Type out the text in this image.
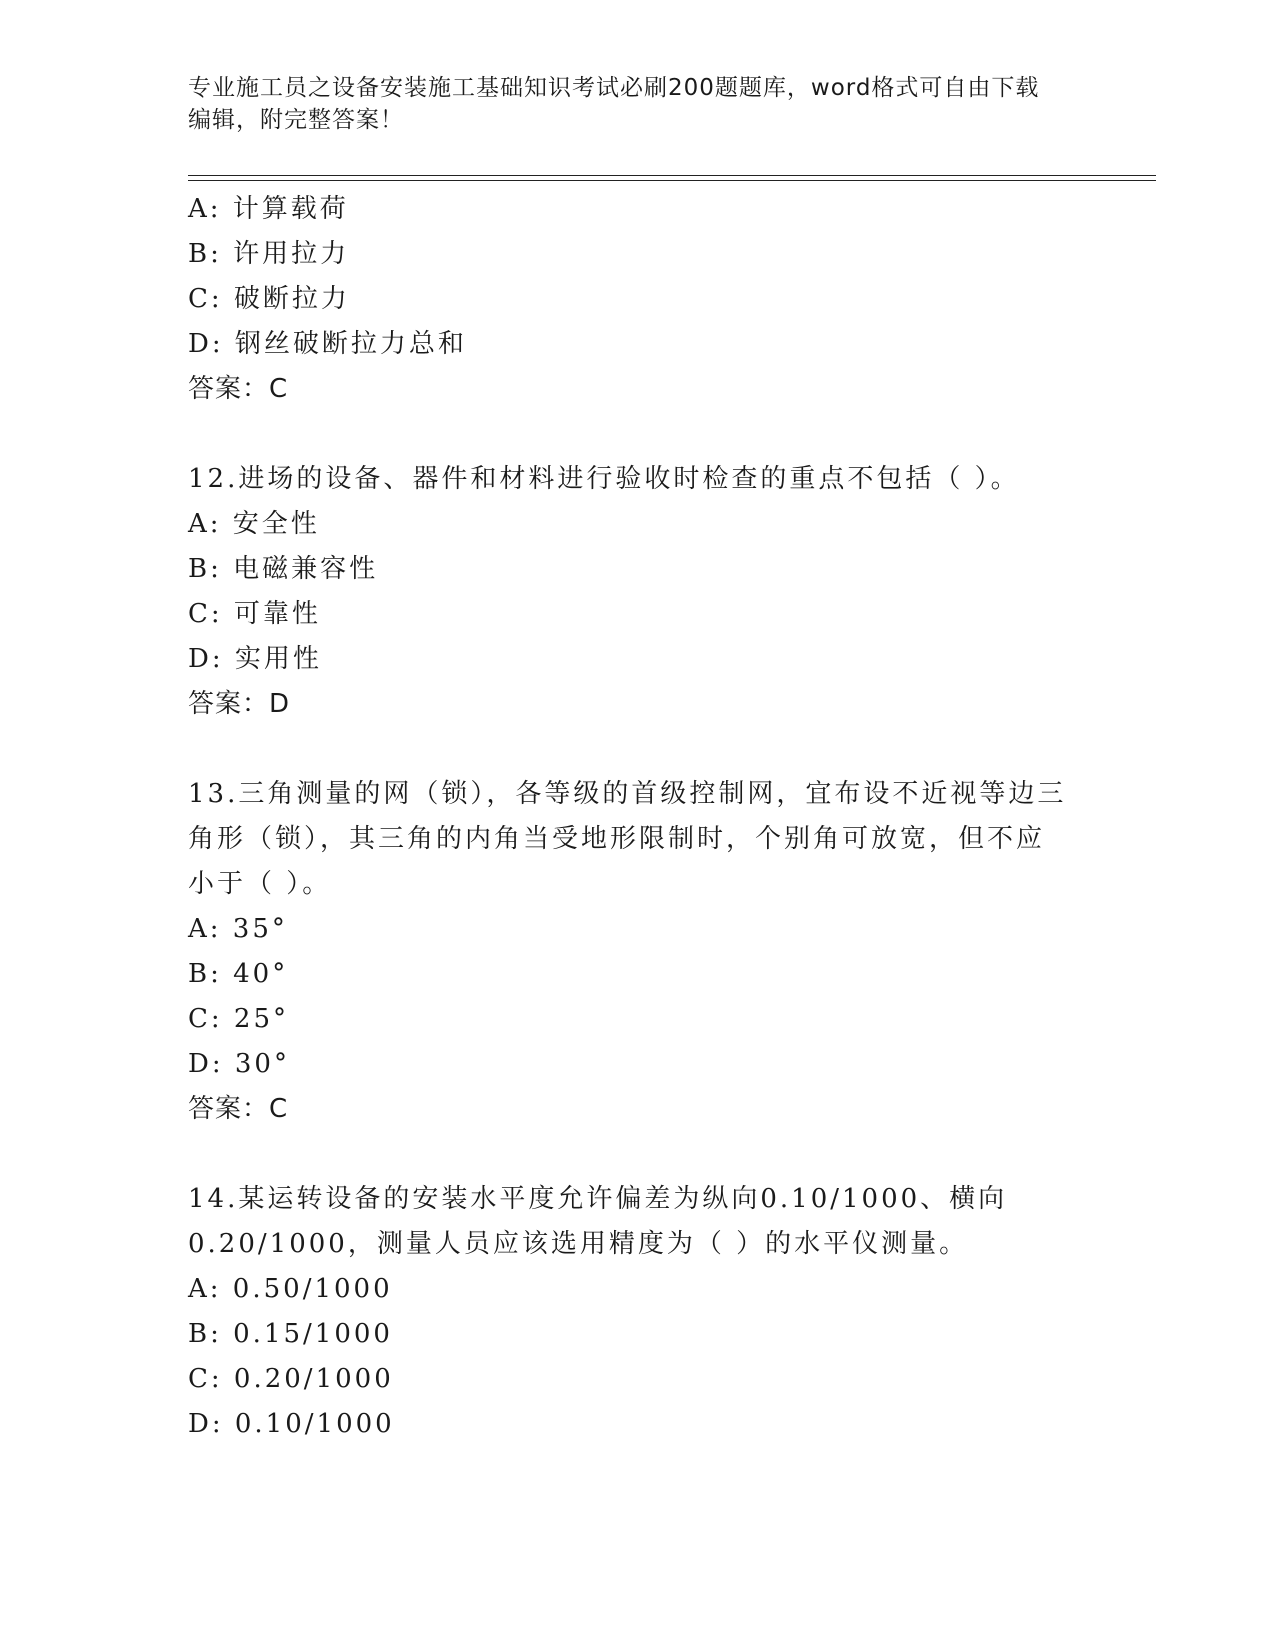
专业施工员之设备安装施工基础知识考试必刷200题题库，word格式可自由下载
编辑，附完整答案！
A: 计算载荷
B: 许用拉力
C: 破断拉力
D: 钢丝破断拉力总和
答案：C
12.进场的设备、器件和材料进行验收时检查的重点不包括（ ）。
A: 安全性
B: 电磁兼容性
C: 可靠性
D: 实用性
答案：D
13.三角测量的网（锁），各等级的首级控制网，宜布设不近视等边三
角形（锁），其三角的内角当受地形限制时，个别角可放宽，但不应
小于（ ）。
A: 35°
B: 40°
C: 25°
D: 30°
答案：C
14.某运转设备的安装水平度允许偏差为纵向0.10/1000、横向
0.20/1000，测量人员应该选用精度为（ ）的水平仪测量。
A: 0.50/1000
B: 0.15/1000
C: 0.20/1000
D: 0.10/1000
